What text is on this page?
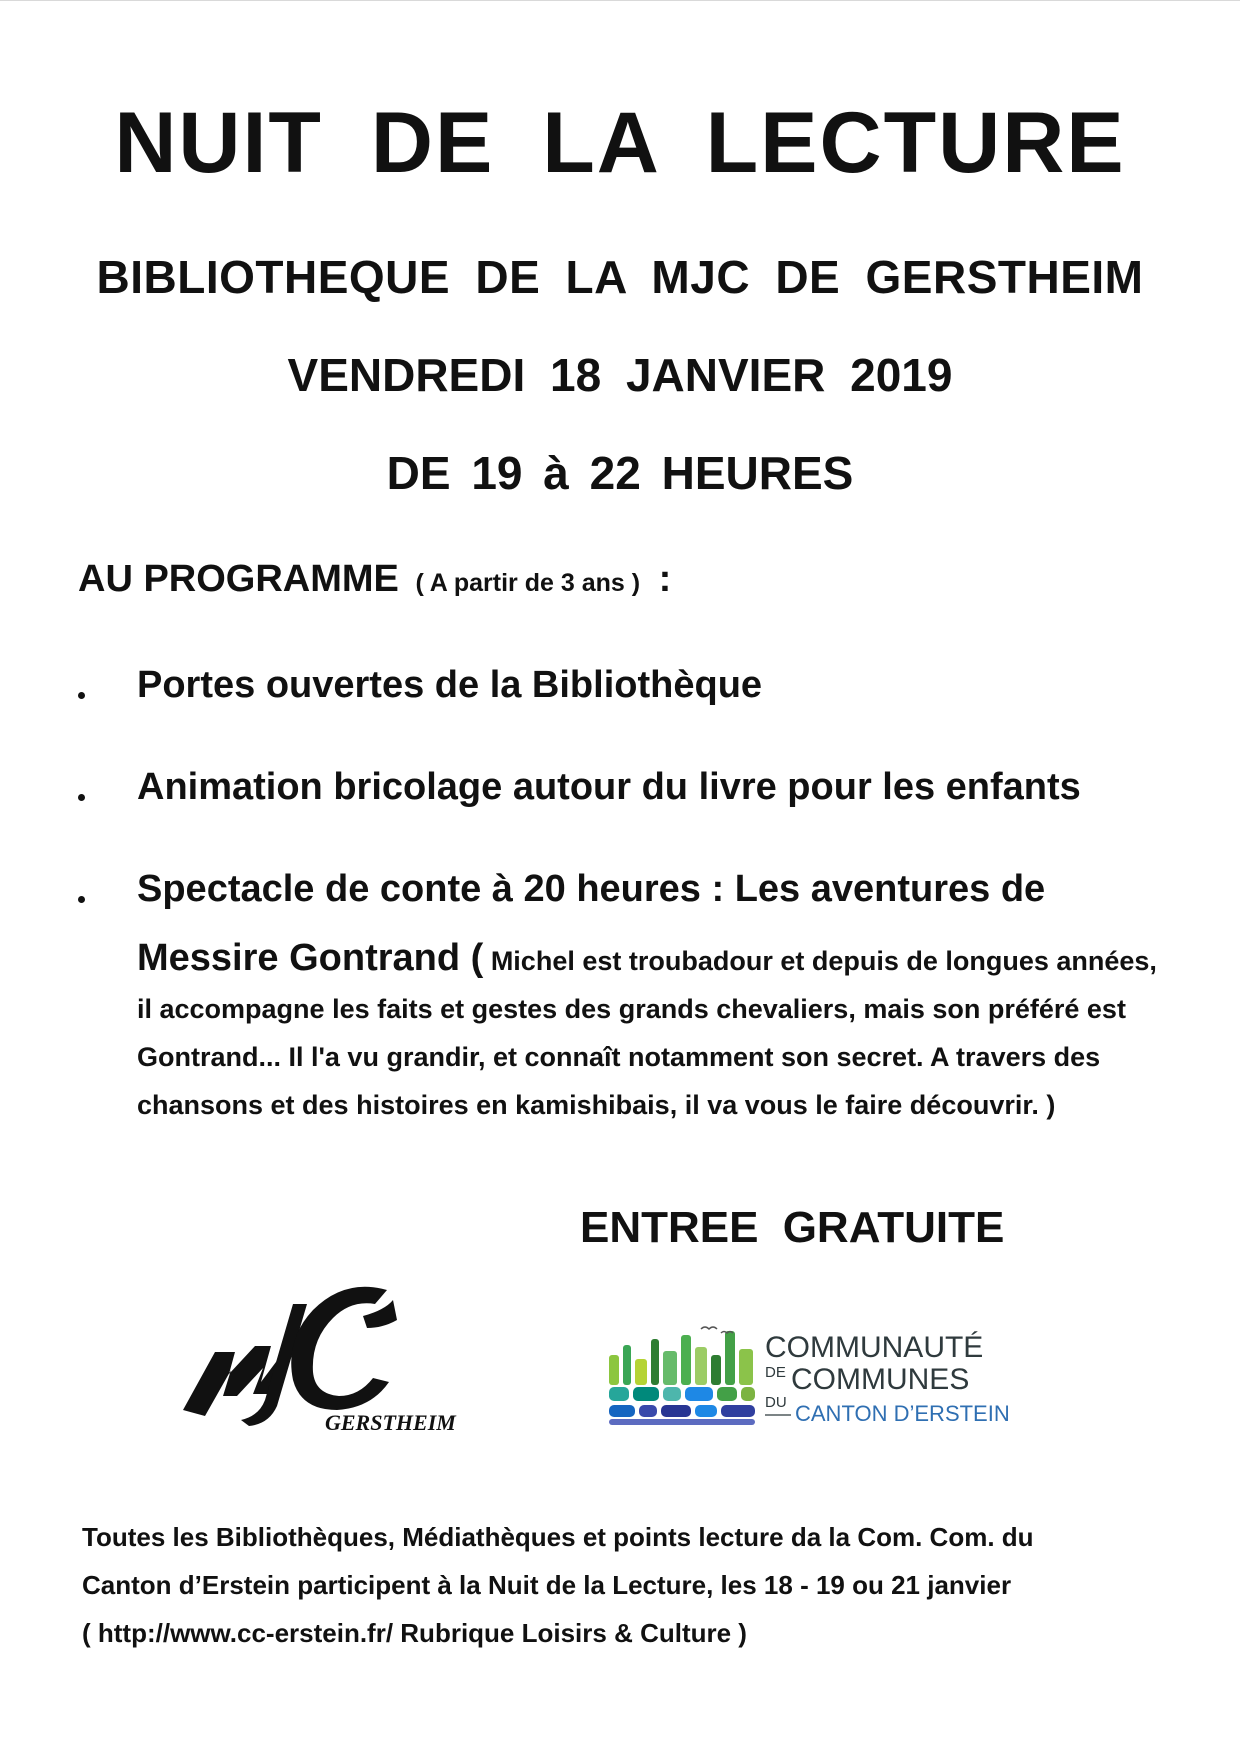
NUIT DE LA LECTURE
BIBLIOTHEQUE DE LA MJC DE GERSTHEIM
VENDREDI 18 JANVIER 2019
DE 19 à 22 HEURES
AU PROGRAMME ( A partir de 3 ans ) :
Portes ouvertes de la Bibliothèque
Animation bricolage autour du livre pour les enfants
Spectacle de conte à 20 heures : Les aventures de
Messire Gontrand ( Michel est troubadour et depuis de longues années, il accompagne les faits et gestes des grands chevaliers, mais son préféré est Gontrand... Il l'a vu grandir, et connaît notamment son secret. A travers des chansons et des histoires en kamishibais, il va vous le faire découvrir. )
ENTREE GRATUITE
GERSTHEIM
COMMUNAUTÉ
DE COMMUNES
DU CANTON D’ERSTEIN
Toutes les Bibliothèques, Médiathèques et points lecture da la Com. Com. du
Canton d’Erstein participent à la Nuit de la Lecture, les 18 - 19 ou 21 janvier
( http://www.cc-erstein.fr/ Rubrique Loisirs & Culture )
